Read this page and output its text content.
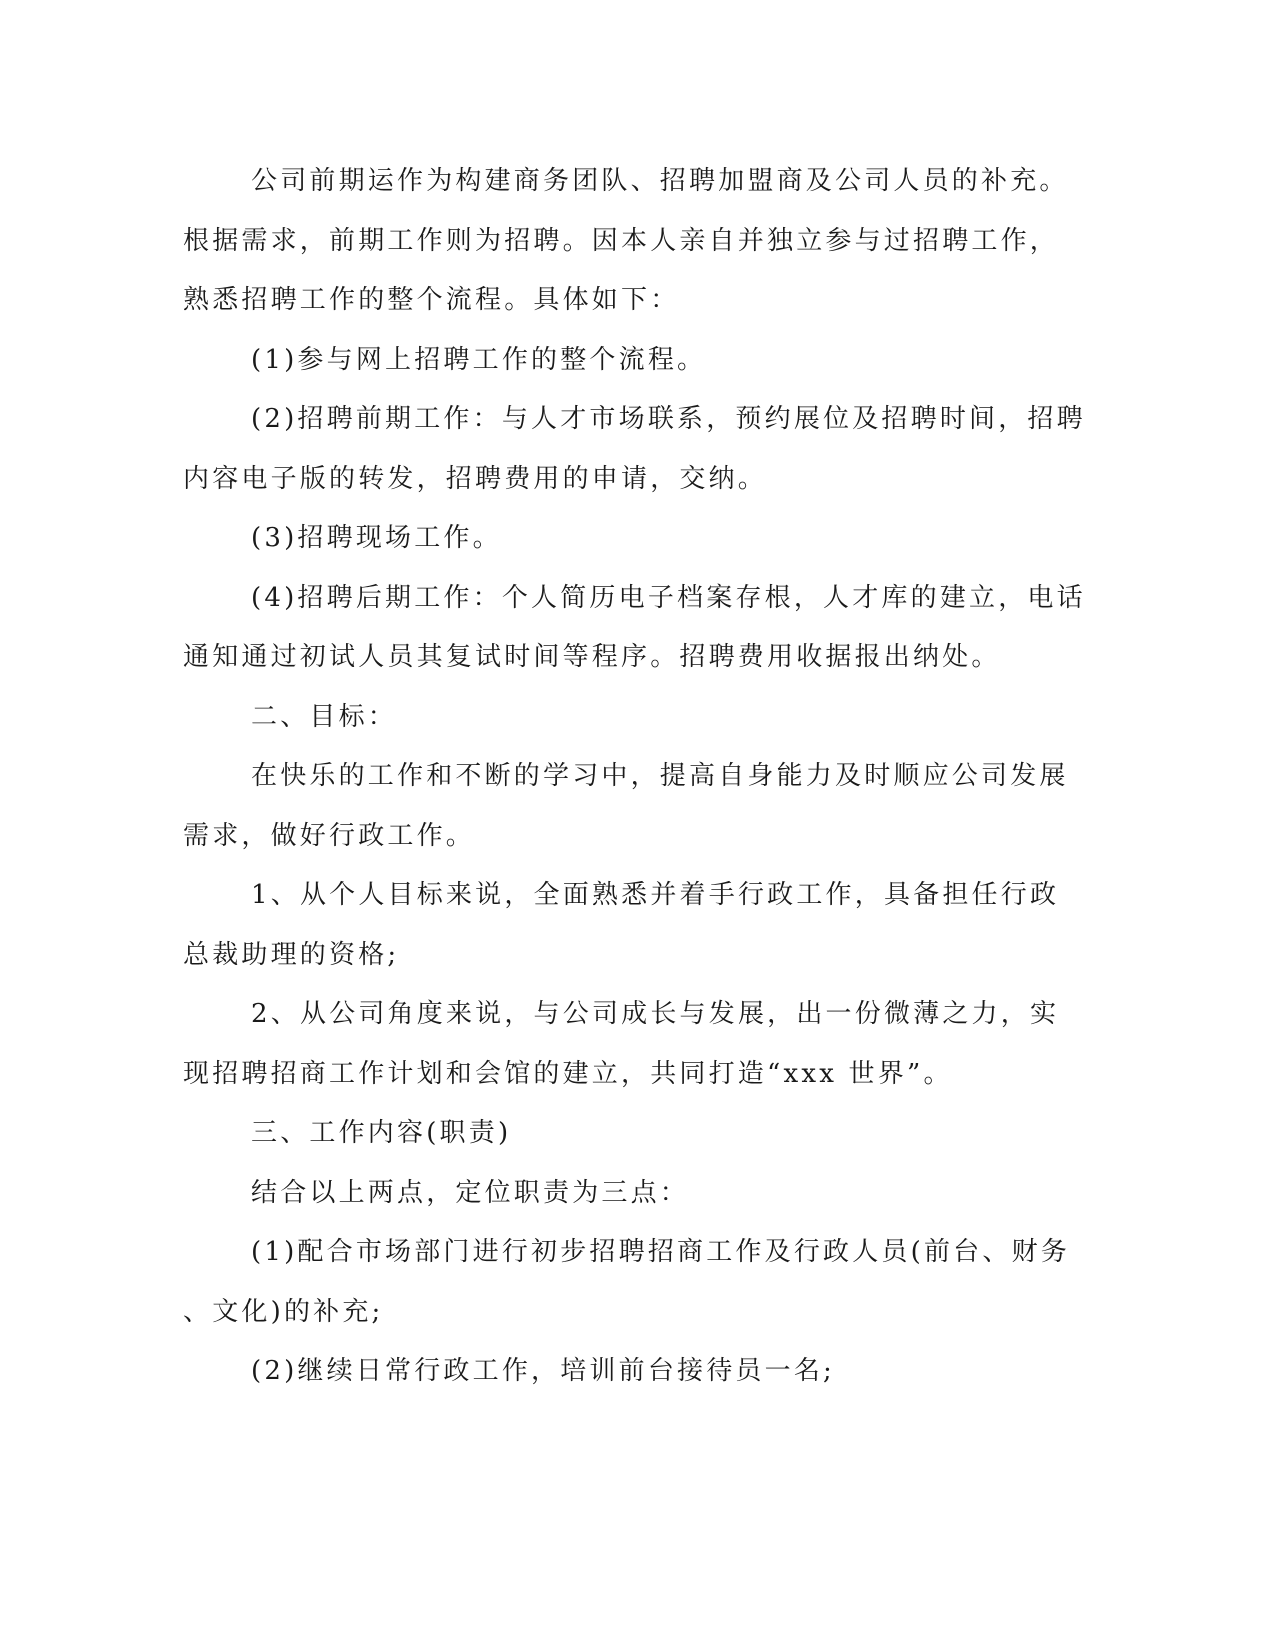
公司前期运作为构建商务团队、招聘加盟商及公司人员的补充。

根据需求，前期工作则为招聘。因本人亲自并独立参与过招聘工作，

熟悉招聘工作的整个流程。具体如下：

(1)参与网上招聘工作的整个流程。

(2)招聘前期工作：与人才市场联系，预约展位及招聘时间，招聘

内容电子版的转发，招聘费用的申请，交纳。

(3)招聘现场工作。

(4)招聘后期工作：个人简历电子档案存根，人才库的建立，电话

通知通过初试人员其复试时间等程序。招聘费用收据报出纳处。

二、目标：

在快乐的工作和不断的学习中，提高自身能力及时顺应公司发展

需求，做好行政工作。

1、从个人目标来说，全面熟悉并着手行政工作，具备担任行政

总裁助理的资格;

2、从公司角度来说，与公司成长与发展，出一份微薄之力，实

现招聘招商工作计划和会馆的建立，共同打造“xxx 世界”。

三、工作内容(职责)

结合以上两点，定位职责为三点：

(1)配合市场部门进行初步招聘招商工作及行政人员(前台、财务

、文化)的补充;

(2)继续日常行政工作，培训前台接待员一名;
